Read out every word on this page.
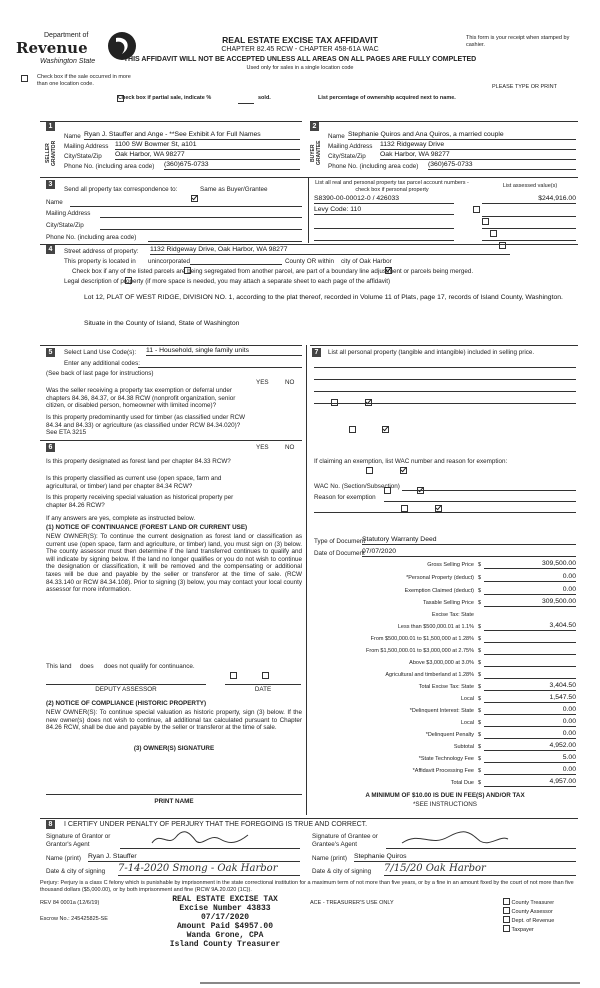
Department of
Revenue
Washington State
REAL ESTATE EXCISE TAX AFFIDAVIT
CHAPTER 82.45 RCW - CHAPTER 458-61A WAC
This form is your receipt when stamped by cashier.
THIS AFFIDAVIT WILL NOT BE ACCEPTED UNLESS ALL AREAS ON ALL PAGES ARE FULLY COMPLETED
Used only for sales in a single location code

Check box if the sale occurred in more than one location code.
PLEASE TYPE OR PRINT
Check box if partial sale, indicate %	sold.	List percentage of ownership acquired next to name.
1	2
SELLER GRANTOR	BUYER GRANTEE
Name Ryan J. Stauffer and Ange - **See Exhibit A for Full Names
Mailing Address 1100 SW Bowmer St, a101
City/State/Zip Oak Harbor, WA 98277
Phone No. (including area code) (360)675-0733
Name Stephanie Quiros and Ana Quiros, a married couple
Mailing Address 1132 Ridgeway Drive
City/State/Zip Oak Harbor, WA 98277
Phone No. (including area code) (360)675-0733
3
Send all property tax correspondence to:
	Same as Buyer/Grantee
Name
Mailing Address
City/State/Zip
Phone No. (including area code)
List all real and personal property tax parcel account numbers - check box if personal property
List assessed value(s)
S8390-00-00012-0 / 426033
	$244,916.00
Levy Code: 110

4	Street address of property: 1132 Ridgeway Drive, Oak Harbor, WA 98277
This property is located in
unincorporated	County OR within
city of Oak Harbor

Check box if any of the listed parcels are being segregated from another parcel, are part of a boundary line adjustment or parcels being merged.
Legal description of property (if more space is needed, you may attach a separate sheet to each page of the affidavit)
Lot 12, PLAT OF WEST RIDGE, DIVISION NO. 1, according to the plat thereof, recorded in Volume 11 of Plats, page 17, records of Island County, Washington.
Situate in the County of Island, State of Washington
5	Select Land Use Code(s): 11 - Household, single family units
Enter any additional codes:
(See back of last page for instructions)
YES	NO
Was the seller receiving a property tax exemption or deferral under chapters 84.36, 84.37, or 84.38 RCW (nonprofit organization, senior citizen, or disabled person, homeowner with limited income)?

Is this property predominantly used for timber (as classified under RCW 84.34 and 84.33) or agriculture (as classified under RCW 84.34.020)? See ETA 3215

6	YES	NO
Is this property designated as forest land per chapter 84.33 RCW?

Is this property classified as current use (open space, farm and agricultural, or timber) land per chapter 84.34 RCW?

Is this property receiving special valuation as historical property per chapter 84.26 RCW?

If any answers are yes, complete as instructed below.
(1) NOTICE OF CONTINUANCE (FOREST LAND OR CURRENT USE)
NEW OWNER(S): To continue the current designation as forest land or classification as current use (open space, farm and agriculture, or timber) land, you must sign on (3) below. The county assessor must then determine if the land transferred continues to qualify and will indicate by signing below. If the land no longer qualifies or you do not wish to continue the designation or classification, it will be removed and the compensating or additional taxes will be due and payable by the seller or transferor at the time of sale. (RCW 84.33.140 or RCW 84.34.108). Prior to signing (3) below, you may contact your local county assessor for more information.
This land
does does not qualify for continuance.
DEPUTY ASSESSOR	DATE
(2) NOTICE OF COMPLIANCE (HISTORIC PROPERTY)
NEW OWNER(S): To continue special valuation as historic property, sign (3) below. If the new owner(s) does not wish to continue, all additional tax calculated pursuant to Chapter 84.26 RCW, shall be due and payable by the seller or transferor at the time of sale.
(3) OWNER(S) SIGNATURE
PRINT NAME
7	List all personal property (tangible and intangible) included in selling price.
If claiming an exemption, list WAC number and reason for exemption:
WAC No. (Section/Subsection)
Reason for exemption
Type of Document
Statutory Warranty Deed
Date of Document
07/07/2020
Gross Selling Price $	309,500.00
*Personal Property (deduct) $	0.00
Exemption Claimed (deduct) $	0.00
Taxable Selling Price $	309,500.00
Excise Tax: State
Less than $500,000.01 at 1.1% $	3,404.50
From $500,000.01 to $1,500,000 at 1.28% $
From $1,500,000.01 to $3,000,000 at 2.75% $
Above $3,000,000 at 3.0% $
Agricultural and timberland at 1.28% $
Total Excise Tax: State $	3,404.50
Local $	1,547.50
*Delinquent Interest: State $	0.00
Local $	0.00
*Delinquent Penalty $	0.00
Subtotal $	4,952.00
*State Technology Fee $	5.00
*Affidavit Processing Fee $	0.00
Total Due $	4,957.00
A MINIMUM OF $10.00 IS DUE IN FEE(S) AND/OR TAX
*SEE INSTRUCTIONS
8	I CERTIFY UNDER PENALTY OF PERJURY THAT THE FOREGOING IS TRUE AND CORRECT.
Signature of Grantor or Grantor's Agent
Signature of Grantee or Grantee's Agent
Name (print) Ryan J. Stauffer	Name (print) Stephanie Quiros
Date & city of signing 7-14-2020 Smong - Oak Harbor	Date & city of signing 7/15/20 Oak Harbor
Perjury: Perjury is a class C felony which is punishable by imprisonment in the state correctional institution for a maximum term of not more than five years, or by a fine in an amount fixed by the court of not more than five thousand dollars ($5,000.00), or by both imprisonment and fine (RCW 9A.20.020 (1C)).
REV 84 0001a (12/6/19)
Escrow No.: 245425825-SE
ACE - TREASURER'S USE ONLY
REAL ESTATE EXCISE TAX
Excise Number 43833
07/17/2020
Amount Paid $4957.00
Wanda Grone, CPA
Island County Treasurer
County Treasurer
County Assessor
Dept. of Revenue
Taxpayer
